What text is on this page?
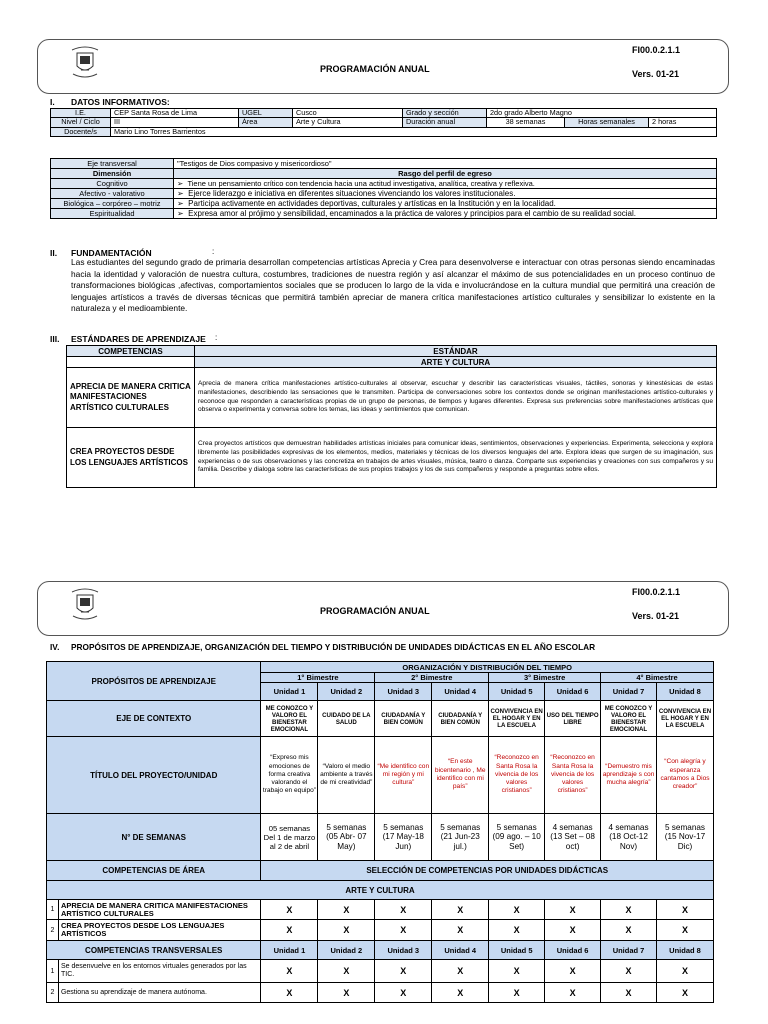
PROGRAMACIÓN ANUAL
FI00.0.2.1.1
Vers. 01-21
I. DATOS INFORMATIVOS:
I.E.	CEP Santa Rosa de Lima	UGEL	Cusco	Grado y sección	2do grado Alberto Magno		
Nivel / Ciclo	III	Área	Arte y Cultura	Duración anual	38 semanas	Horas semanales	2 horas
Docente/s	Mario Lino Torres Barrientos						
Eje transversal	"Testigos de Dios compasivo y misericordioso"
Dimensión	Rasgo del perfil de egreso
Cognitivo	➢  Tiene un pensamiento crítico con tendencia hacia una actitud investigativa, analítica, creativa y reflexiva.
Afectivo - valorativo	➢  Ejerce liderazgo e iniciativa en diferentes situaciones vivenciando los valores institucionales.
Biológica – corpóreo – motriz	➢  Participa activamente en actividades deportivas, culturales y artísticas en la Institución y en la localidad.
Espiritualidad	➢  Expresa amor al prójimo y sensibilidad, encaminados a la práctica de valores y principios para el cambio de su realidad social.
II. FUNDAMENTACIÓN	:
Las estudiantes del segundo grado de primaria desarrollan competencias artísticas Aprecia y Crea para desenvolverse e interactuar con otras personas siendo encaminadas hacia la identidad y valoración de nuestra cultura, costumbres, tradiciones de nuestra región y así alcanzar el máximo de sus potencialidades en un proceso continuo de transformaciones biológicas ,afectivas, comportamientos sociales que se producen lo largo de la vida e involucrándose en la cultura mundial que permitirá una creación de lenguajes artísticos a través de diversas técnicas que permitirá también apreciar de manera crítica manifestaciones artístico culturales y sensibilizar lo existente en la naturaleza y el medioambiente.
III. ESTÁNDARES DE APRENDIZAJE :
COMPETENCIAS	ESTÁNDAR
	ARTE Y CULTURA
APRECIA DE MANERA CRITICA MANIFESTACIONES ARTÍSTICO CULTURALES	Aprecia de manera crítica manifestaciones artístico-culturales al observar, escuchar y describir las características visuales, táctiles, sonoras y kinestésicas de estas manifestaciones, describiendo las sensaciones que le transmiten. Participa de conversaciones sobre los contextos donde se originan manifestaciones artístico-culturales y reconoce que responden a características propias de un grupo de personas, de tiempos y lugares diferentes. Expresa sus preferencias sobre manifestaciones artísticas que observa o experimenta y conversa sobre los temas, las ideas y sentimientos que comunican.
CREA PROYECTOS DESDE LOS LENGUAJES ARTÍSTICOS	Crea proyectos artísticos que demuestran habilidades artísticas iniciales para comunicar ideas, sentimientos, observaciones y experiencias. Experimenta, selecciona y explora libremente las posibilidades expresivas de los elementos, medios, materiales y técnicas de los diversos lenguajes del arte. Explora ideas que surgen de su imaginación, sus experiencias o de sus observaciones y las concretiza en trabajos de artes visuales, música, teatro o danza. Comparte sus experiencias y creaciones con sus compañeros y su familia. Describe y dialoga sobre las características de sus propios trabajos y los de sus compañeros y responde a preguntas sobre ellos.
PROGRAMACIÓN ANUAL
FI00.0.2.1.1
Vers. 01-21
IV. PROPÓSITOS DE APRENDIZAJE, ORGANIZACIÓN DEL TIEMPO Y DISTRIBUCIÓN DE UNIDADES DIDÁCTICAS EN EL AÑO ESCOLAR
PROPÓSITOS DE APRENDIZAJE		ORGANIZACIÓN Y DISTRIBUCIÓN DEL TIEMPO							
		1° Bimestre		2° Bimestre		3° Bimestre		4° Bimestre	
		Unidad 1	Unidad 2	Unidad 3	Unidad 4	Unidad 5	Unidad 6	Unidad 7	Unidad 8
EJE DE CONTEXTO		ME CONOZCO Y VALORO EL BIENESTAR EMOCIONAL	CUIDADO DE LA SALUD	CIUDADANÍA Y BIEN COMÚN	CIUDADANÍA Y BIEN COMÚN	CONVIVENCIA EN EL HOGAR Y EN LA ESCUELA	USO DEL TIEMPO LIBRE	ME CONOZCO Y VALORO EL BIENESTAR EMOCIONAL	CONVIVENCIA EN EL HOGAR Y EN LA ESCUELA
TÍTULO DEL PROYECTO/UNIDAD		“Expreso mis emociones de forma creativa valorando el trabajo en equipo”	“Valoro el medio ambiente a través de mi creatividad”	“Me identifico con mi región y mi cultura”	“En este bicentenario , Me identifico con mi país”	“Reconozco en Santa Rosa la vivencia de los valores cristianos”	“Reconozco en Santa Rosa la vivencia de los valores cristianos”	“Demuestro mis aprendizaje s con mucha alegría”	“Con alegría y esperanza cantamos a Dios creador”
N° DE SEMANAS		05 semanas Del 1 de marzo al 2 de abril	5 semanas (05 Abr- 07 May)	5 semanas (17 May-18 Jun)	5 semanas (21 Jun-23 jul.)	5 semanas (09 ago. – 10 Set)	4 semanas (13 Set – 08 oct)	4 semanas (18 Oct-12 Nov)	5 semanas (15 Nov-17 Dic)
COMPETENCIAS DE ÁREA		SELECCIÓN DE COMPETENCIAS POR UNIDADES DIDÁCTICAS							
ARTE Y CULTURA									
1	APRECIA DE MANERA CRITICA MANIFESTACIONES ARTÍSTICO CULTURALES	X	X	X	X	X	X	X	X
2	CREA PROYECTOS DESDE LOS LENGUAJES ARTÍSTICOS	X	X	X	X	X	X	X	X
COMPETENCIAS TRANSVERSALES		Unidad 1	Unidad 2	Unidad 3	Unidad 4	Unidad 5	Unidad 6	Unidad 7	Unidad 8
1	Se desenvuelve en los entornos virtuales generados por las TIC.	X	X	X	X	X	X	X	X
2	Gestiona su aprendizaje de manera autónoma.	X	X	X	X	X	X	X	X
